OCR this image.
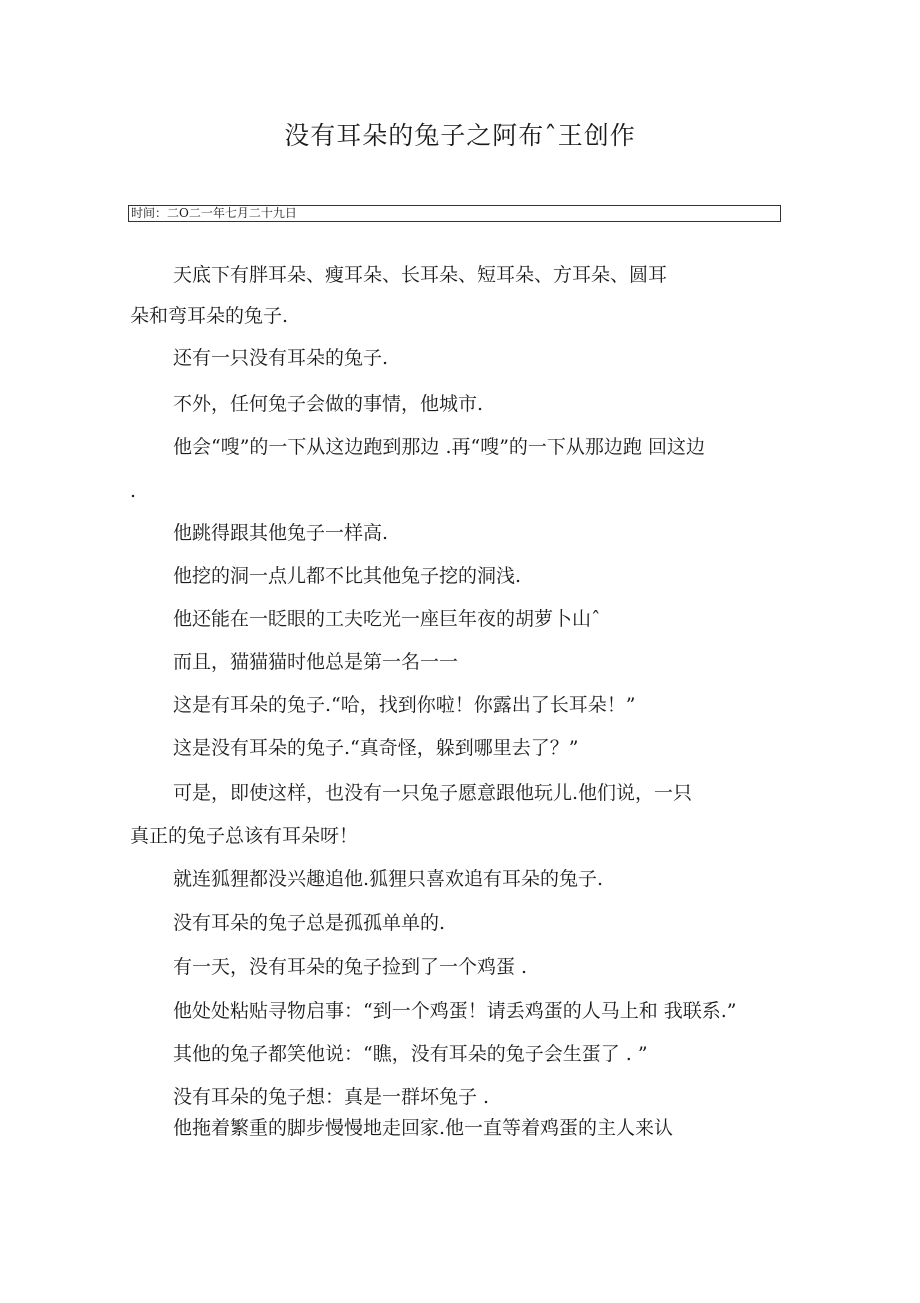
没有耳朵的兔子之阿布ˆ王创作
时间：二O二一年七月二十九日
天底下有胖耳朵、瘦耳朵、长耳朵、短耳朵、方耳朵、圆耳
朵和弯耳朵的兔子.
还有一只没有耳朵的兔子.
不外，任何兔子会做的事情，他城市.
他会“嗖”的一下从这边跑到那边 .再“嗖”的一下从那边跑 回这边
.
他跳得跟其他兔子一样高.
他挖的洞一点儿都不比其他兔子挖的洞浅.
他还能在一眨眼的工夫吃光一座巨年夜的胡萝卜山ˆ
而且，猫猫猫时他总是第一名一一
这是有耳朵的兔子.“哈，找到你啦！你露出了长耳朵！”
这是没有耳朵的兔子.“真奇怪，躲到哪里去了？”
可是，即使这样，也没有一只兔子愿意跟他玩儿.他们说，一只
真正的兔子总该有耳朵呀！
就连狐狸都没兴趣追他.狐狸只喜欢追有耳朵的兔子.
没有耳朵的兔子总是孤孤单单的.
有一天，没有耳朵的兔子捡到了一个鸡蛋 .
他处处粘贴寻物启事：“到一个鸡蛋！请丢鸡蛋的人马上和 我联系.”
其他的兔子都笑他说：“瞧，没有耳朵的兔子会生蛋了 . ”
没有耳朵的兔子想：真是一群坏兔子 .
他拖着繁重的脚步慢慢地走回家.他一直等着鸡蛋的主人来认
